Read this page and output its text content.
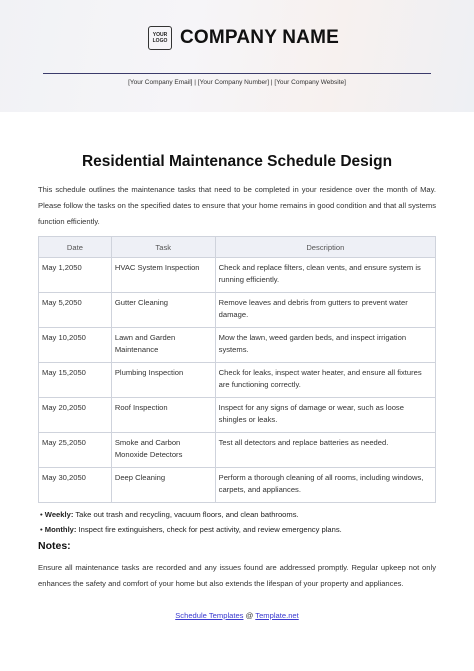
YOUR LOGO COMPANY NAME
[Your Company Email] | [Your Company Number] | [Your Company Website]
Residential Maintenance Schedule Design

This schedule outlines the maintenance tasks that need to be completed in your residence over the month of May. Please follow the tasks on the specified dates to ensure that your home remains in good condition and that all systems function efficiently.

Date	Task	Description
May 1,2050	HVAC System Inspection	Check and replace filters, clean vents, and ensure system is running efficiently.
May 5,2050	Gutter Cleaning	Remove leaves and debris from gutters to prevent water damage.
May 10,2050	Lawn and Garden Maintenance	Mow the lawn, weed garden beds, and inspect irrigation systems.
May 15,2050	Plumbing Inspection	Check for leaks, inspect water heater, and ensure all fixtures are functioning correctly.
May 20,2050	Roof Inspection	Inspect for any signs of damage or wear, such as loose shingles or leaks.
May 25,2050	Smoke and Carbon Monoxide Detectors	Test all detectors and replace batteries as needed.
May 30,2050	Deep Cleaning	Perform a thorough cleaning of all rooms, including windows, carpets, and appliances.
• Weekly: Take out trash and recycling, vacuum floors, and clean bathrooms.
• Monthly: Inspect fire extinguishers, check for pest activity, and review emergency plans.
Notes:

Ensure all maintenance tasks are recorded and any issues found are addressed promptly. Regular upkeep not only enhances the safety and comfort of your home but also extends the lifespan of your property and appliances.

Schedule Templates @ Template.net
